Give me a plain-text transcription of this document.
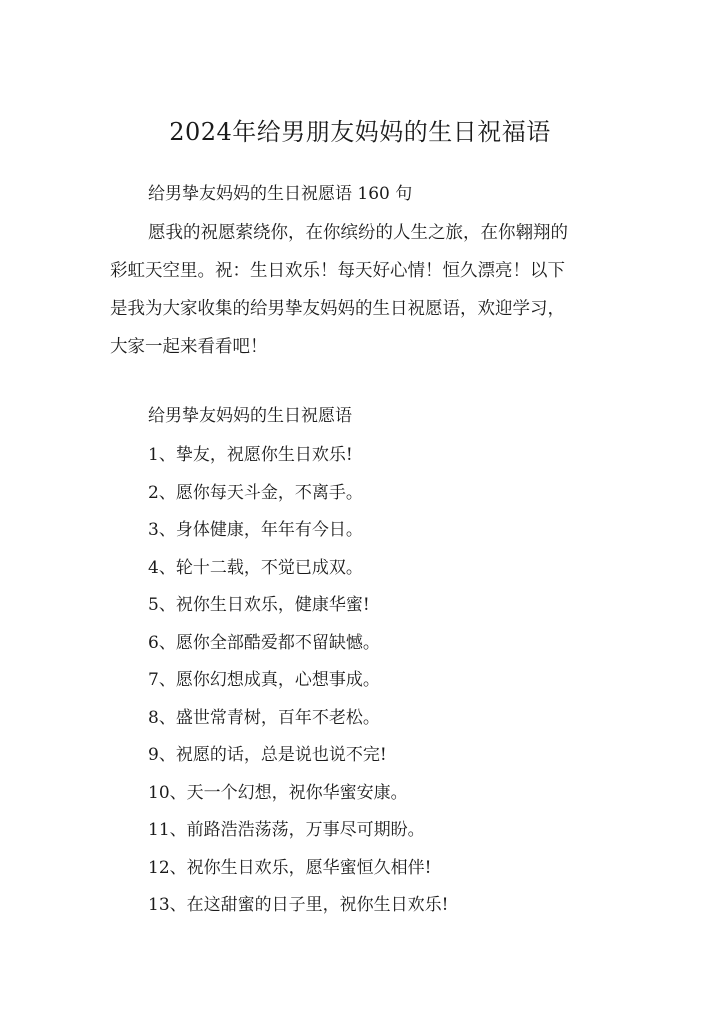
2024年给男朋友妈妈的生日祝福语
给男挚友妈妈的生日祝愿语 160 句
愿我的祝愿萦绕你，在你缤纷的人生之旅，在你翱翔的
彩虹天空里。祝：生日欢乐！每天好心情！恒久漂亮！以下
是我为大家收集的给男挚友妈妈的生日祝愿语，欢迎学习，
大家一起来看看吧！
给男挚友妈妈的生日祝愿语
1、挚友，祝愿你生日欢乐!
2、愿你每天斗金，不离手。
3、身体健康，年年有今日。
4、轮十二载，不觉已成双。
5、祝你生日欢乐，健康华蜜!
6、愿你全部酷爱都不留缺憾。
7、愿你幻想成真，心想事成。
8、盛世常青树，百年不老松。
9、祝愿的话，总是说也说不完!
10、天一个幻想，祝你华蜜安康。
11、前路浩浩荡荡，万事尽可期盼。
12、祝你生日欢乐，愿华蜜恒久相伴!
13、在这甜蜜的日子里，祝你生日欢乐!
